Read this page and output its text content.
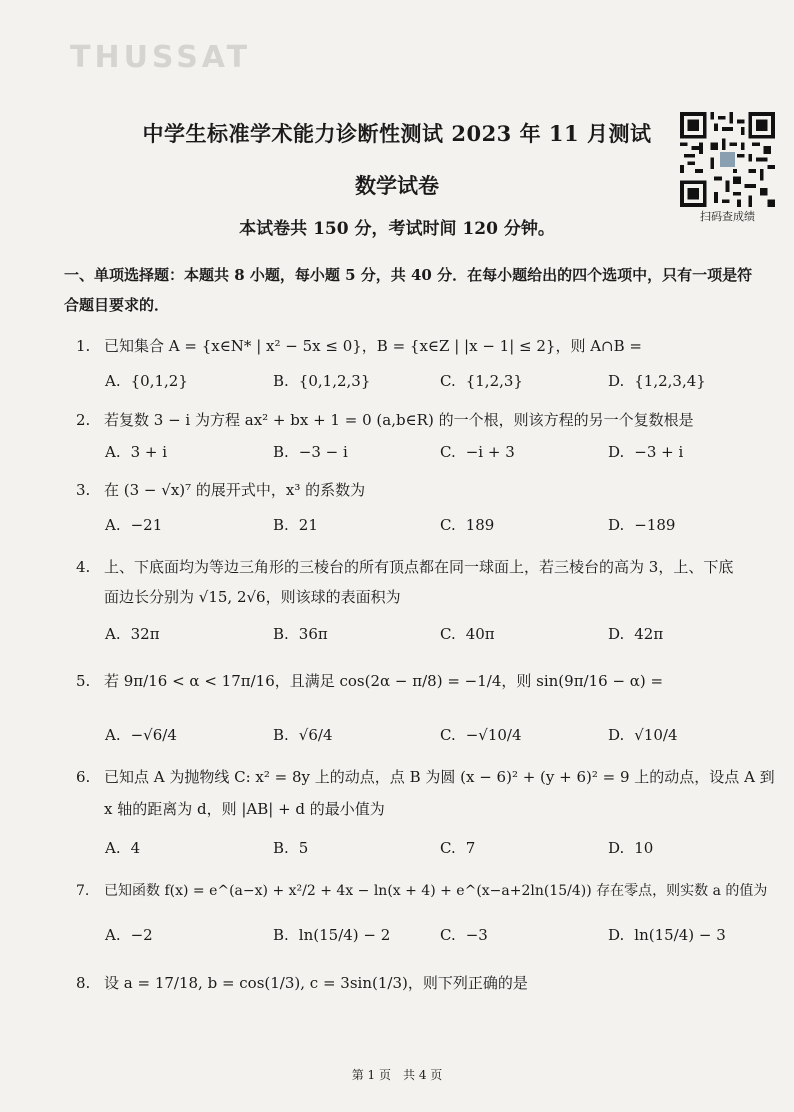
THUSSAT
中学生标准学术能力诊断性测试 2023 年 11 月测试
数学试卷
本试卷共 150 分，考试时间 120 分钟。
扫码查成绩
一、单项选择题：本题共 8 小题，每小题 5 分，共 40 分．在每小题给出的四个选项中，只有一项是符合题目要求的．
1. 已知集合 A = {x∈N* | x² − 5x ≤ 0}，B = {x∈Z | |x − 1| ≤ 2}，则 A∩B =
A. {0,1,2}	B. {0,1,2,3}	C. {1,2,3}	D. {1,2,3,4}
2. 若复数 3 − i 为方程 ax² + bx + 1 = 0 (a,b∈R) 的一个根，则该方程的另一个复数根是
A. 3 + i	B. −3 − i	C. −i + 3	D. −3 + i
3. 在 (3 − √x)⁷ 的展开式中，x³ 的系数为
A. −21	B. 21	C. 189	D. −189
4. 上、下底面均为等边三角形的三棱台的所有顶点都在同一球面上，若三棱台的高为 3，上、下底
面边长分别为 √15, 2√6，则该球的表面积为
A. 32π	B. 36π	C. 40π	D. 42π
5. 若 9π/16 < α < 17π/16，且满足 cos(2α − π/8) = −1/4，则 sin(9π/16 − α) =
A. −√6/4	B. √6/4	C. −√10/4	D. √10/4
6. 已知点 A 为抛物线 C: x² = 8y 上的动点，点 B 为圆 (x − 6)² + (y + 6)² = 9 上的动点，设点 A 到
x 轴的距离为 d，则 |AB| + d 的最小值为
A. 4	B. 5	C. 7	D. 10
7. 已知函数 f(x) = e^(a−x) + x²/2 + 4x − ln(x + 4) + e^(x−a+2ln(15/4)) 存在零点，则实数 a 的值为
A. −2	B. ln(15/4) − 2	C. −3	D. ln(15/4) − 3
8. 设 a = 17/18, b = cos(1/3), c = 3sin(1/3)，则下列正确的是
第 1 页　共 4 页
